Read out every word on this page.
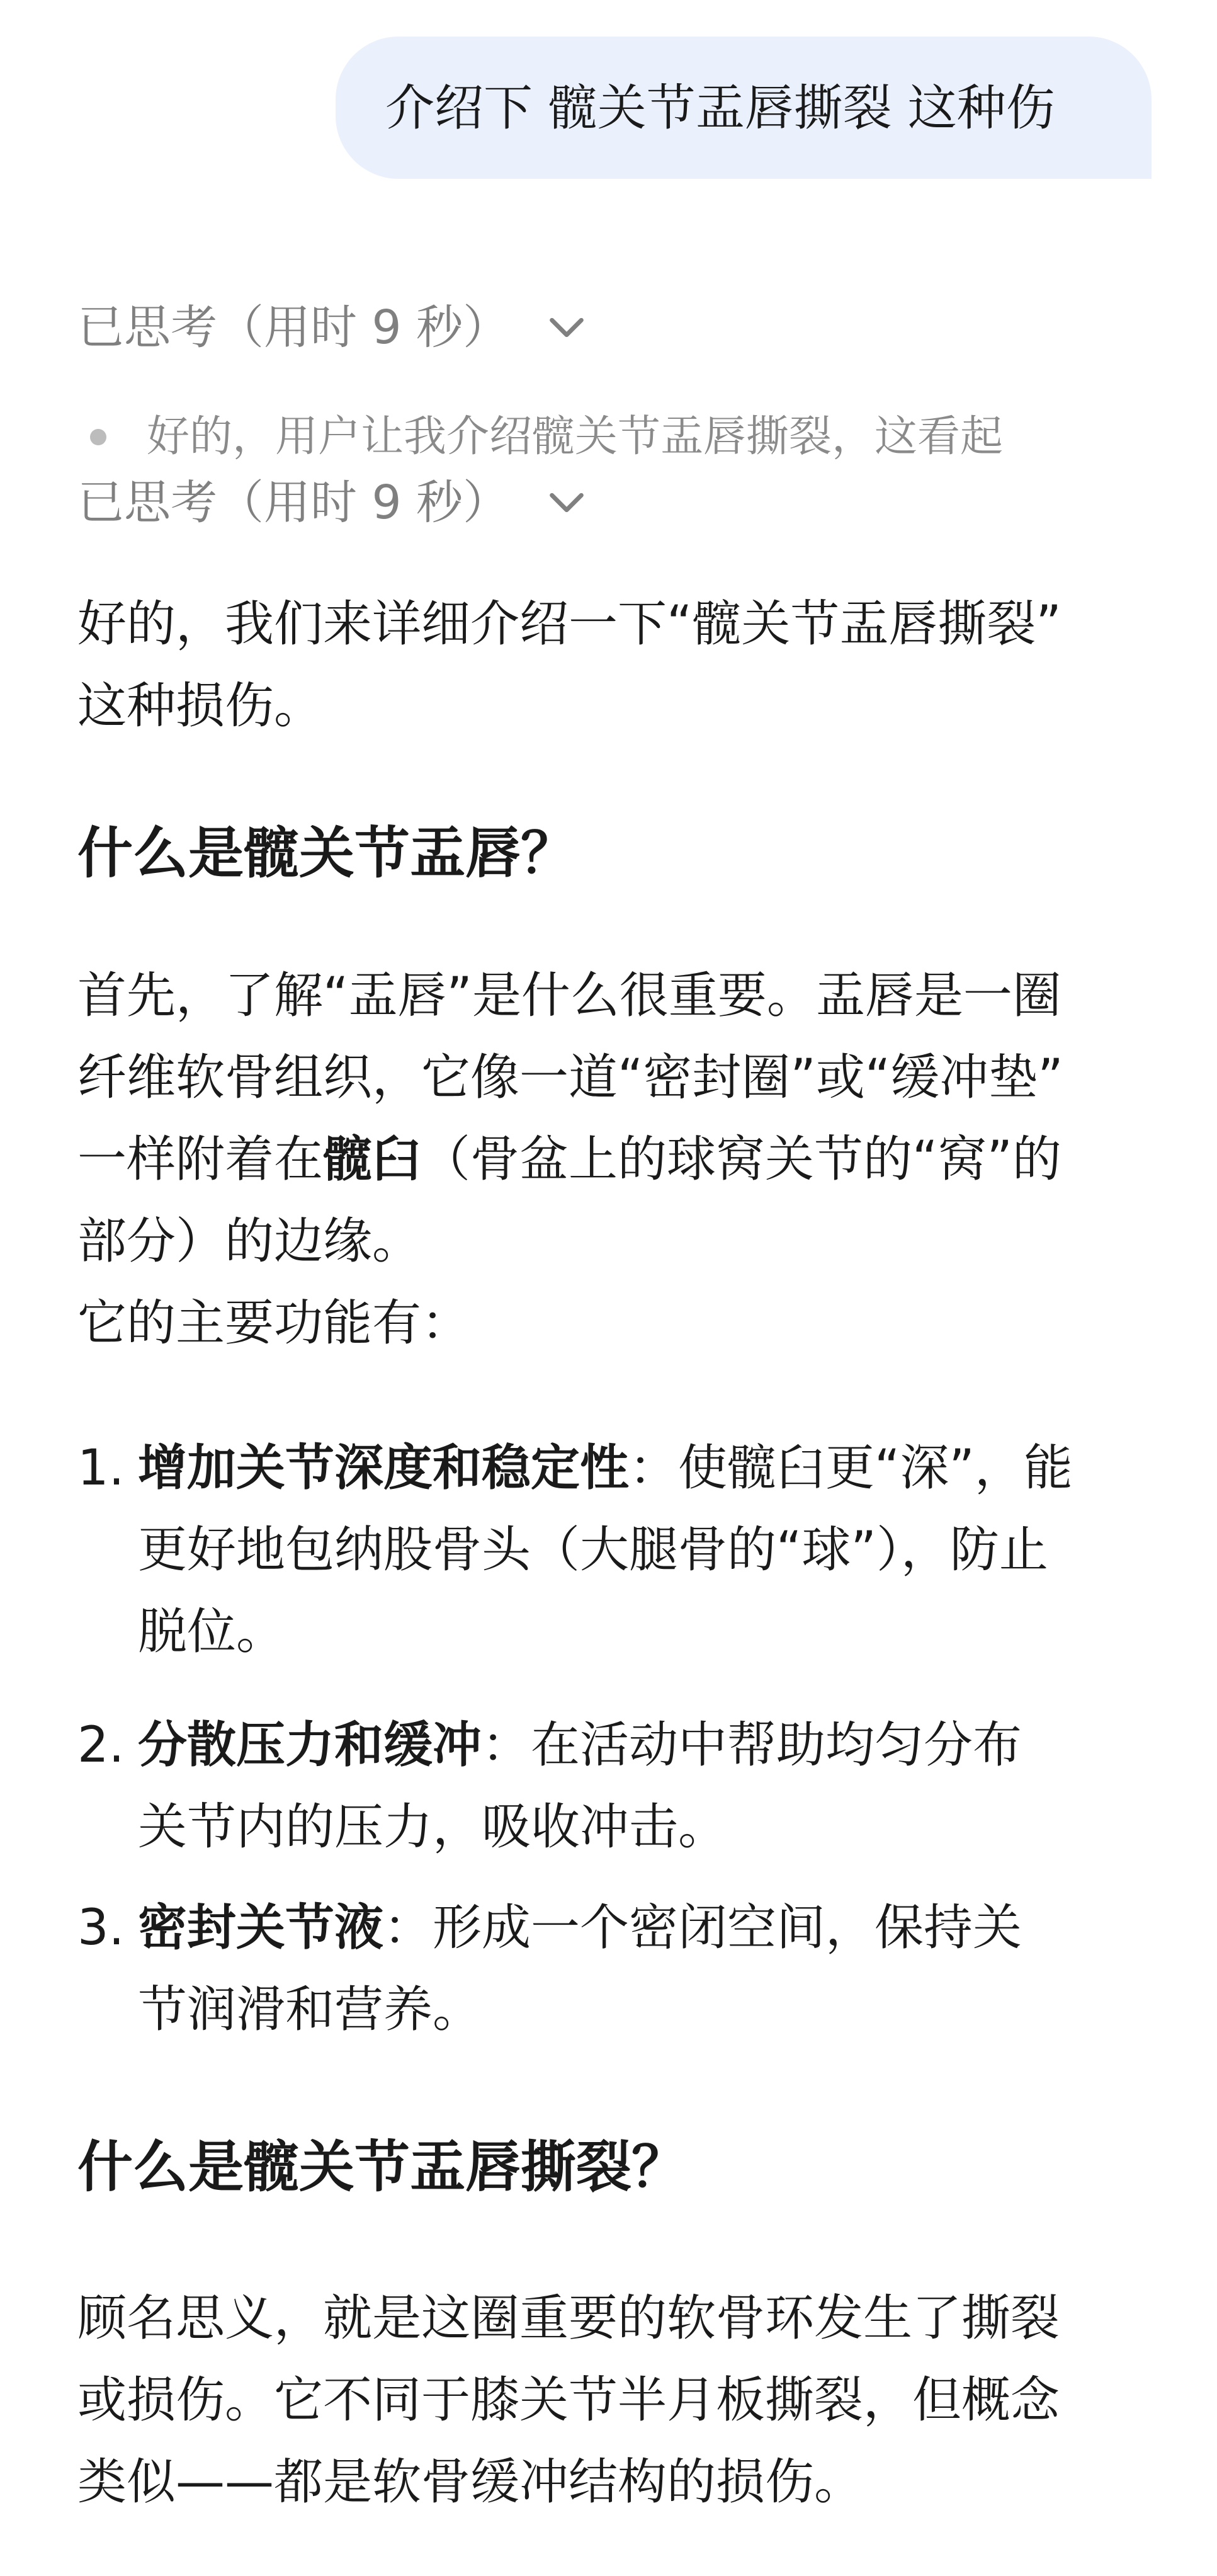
介绍下 髋关节盂唇撕裂 这种伤
已思考（用时 9 秒）
好的，用户让我介绍髋关节盂唇撕裂，这看起
已思考（用时 9 秒）
好的，我们来详细介绍一下“髋关节盂唇撕裂”
这种损伤。
什么是髋关节盂唇？
首先，了解“盂唇”是什么很重要。盂唇是一圈
纤维软骨组织，它像一道“密封圈”或“缓冲垫”
一样附着在髋臼（骨盆上的球窝关节的“窝”的
部分）的边缘。
它的主要功能有：
1. 增加关节深度和稳定性：使髋臼更“深”，能
更好地包纳股骨头（大腿骨的“球”），防止
脱位。
2. 分散压力和缓冲：在活动中帮助均匀分布
关节内的压力，吸收冲击。
3. 密封关节液：形成一个密闭空间，保持关
节润滑和营养。
什么是髋关节盂唇撕裂？
顾名思义，就是这圈重要的软骨环发生了撕裂
或损伤。它不同于膝关节半月板撕裂，但概念
类似——都是软骨缓冲结构的损伤。
